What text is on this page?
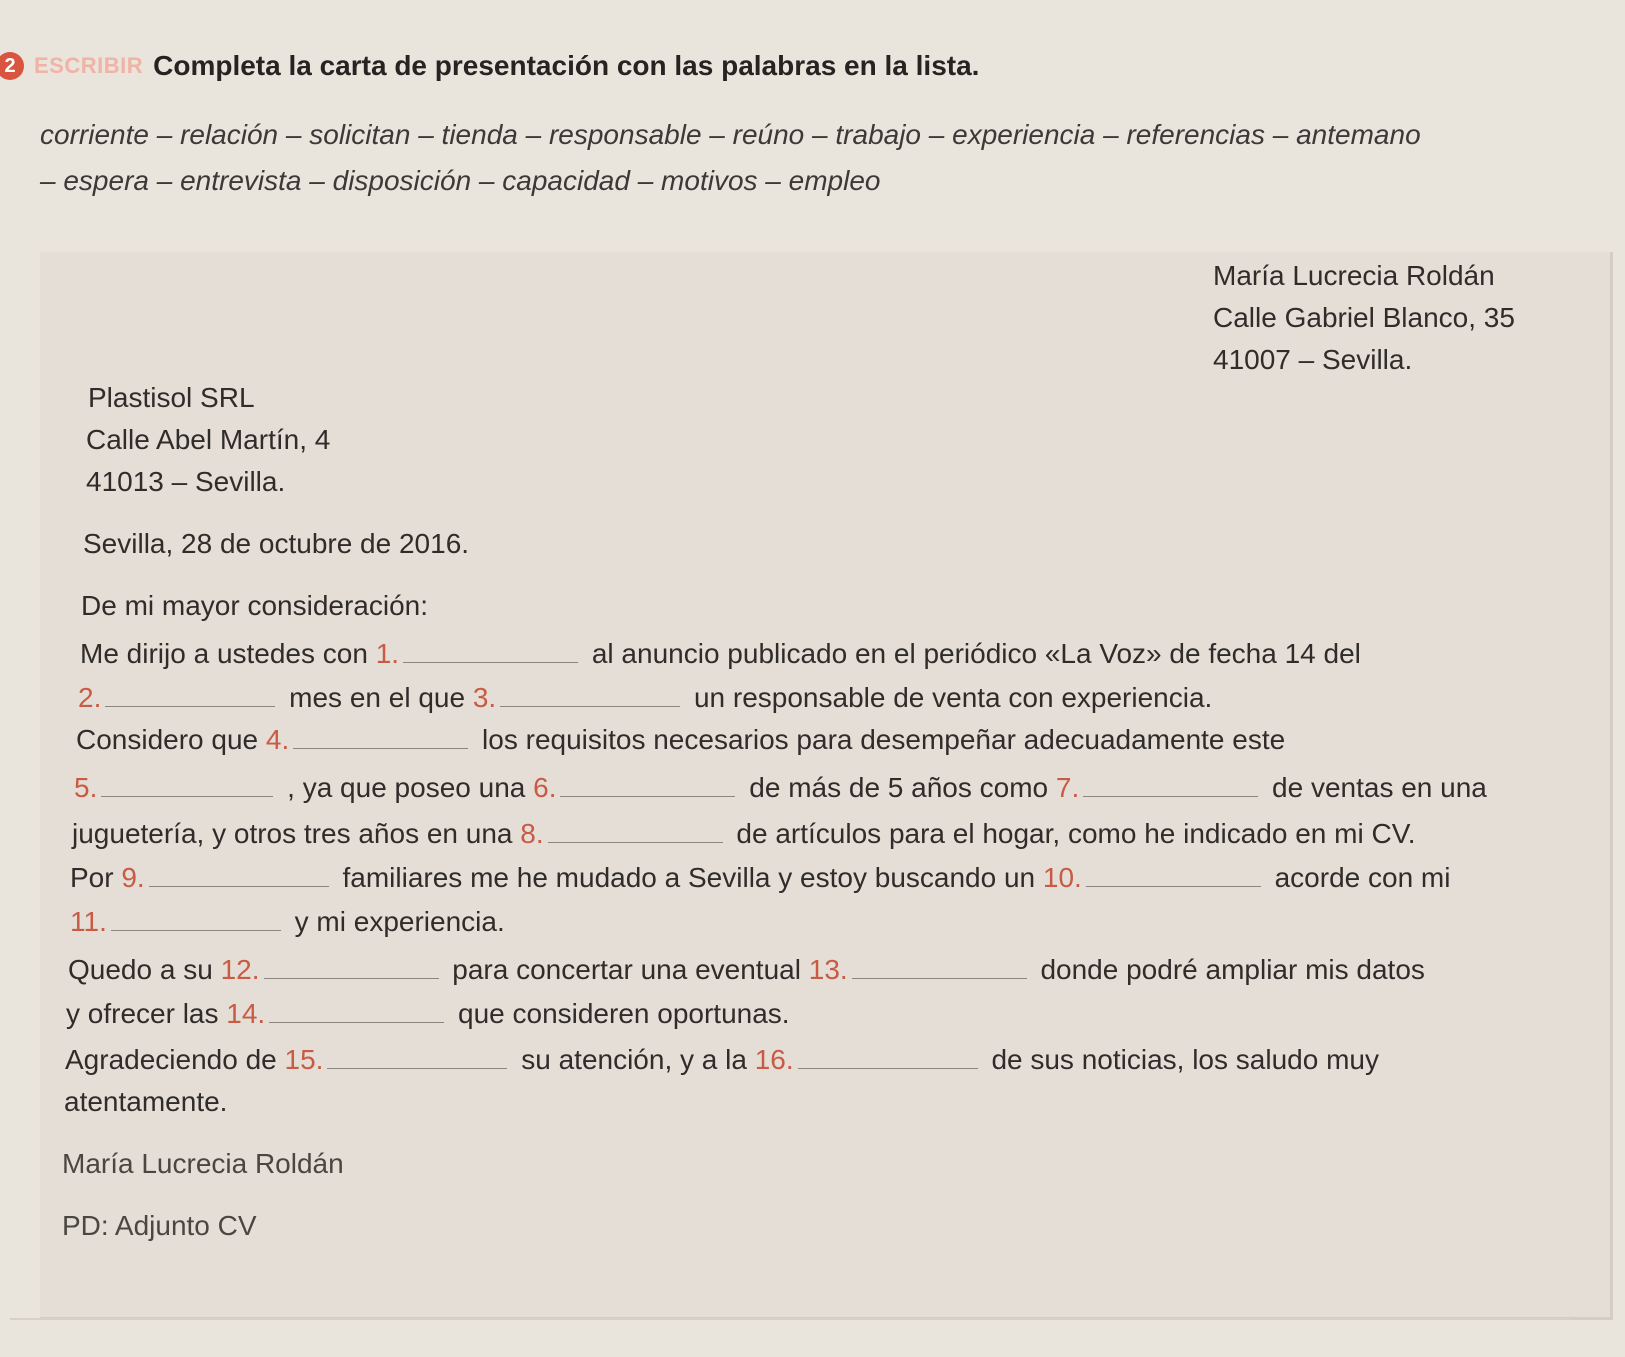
2 ESCRIBIR Completa la carta de presentación con las palabras en la lista.
corriente – relación – solicitan – tienda – responsable – reúno – trabajo – experiencia – referencias – antemano
– espera – entrevista – disposición – capacidad – motivos – empleo
María Lucrecia Roldán
Calle Gabriel Blanco, 35
41007 – Sevilla.
Plastisol SRL
Calle Abel Martín, 4
41013 – Sevilla.
Sevilla, 28 de octubre de 2016.
De mi mayor consideración:
Me dirijo a ustedes con 1.	al anuncio publicado en el periódico «La Voz» de fecha 14 del
2.	mes en el que 3.	un responsable de venta con experiencia.
Considero que 4.	los requisitos necesarios para desempeñar adecuadamente este
5.	, ya que poseo una 6.	de más de 5 años como 7.	de ventas en una
juguetería, y otros tres años en una 8.	de artículos para el hogar, como he indicado en mi CV.
Por 9.	familiares me he mudado a Sevilla y estoy buscando un 10.	acorde con mi
11.	y mi experiencia.
Quedo a su 12.	para concertar una eventual 13.	donde podré ampliar mis datos
y ofrecer las 14.	que consideren oportunas.
Agradeciendo de 15.	su atención, y a la 16.	de sus noticias, los saludo muy
atentamente.
María Lucrecia Roldán
PD: Adjunto CV
